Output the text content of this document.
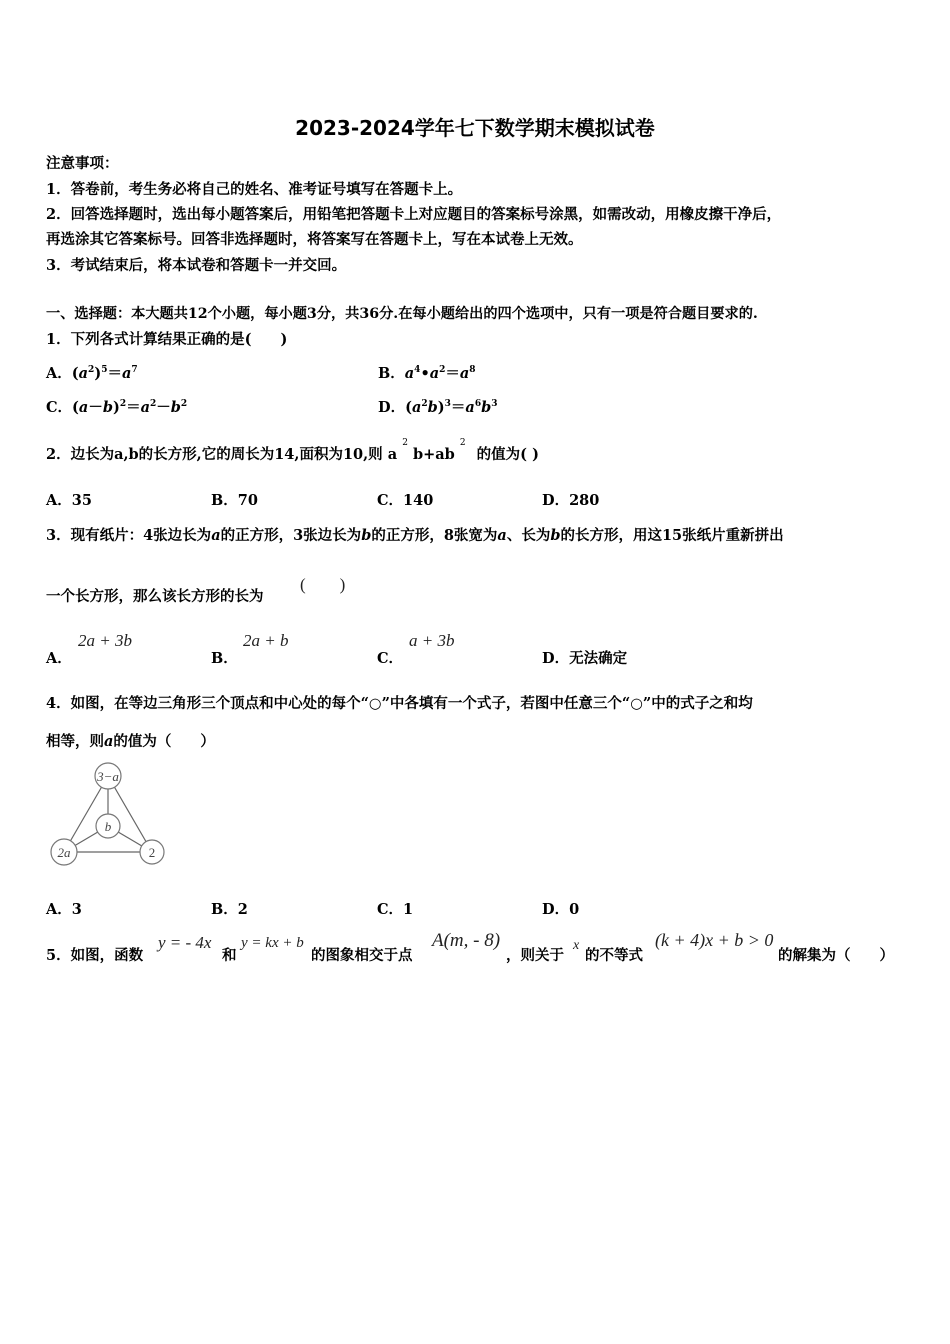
2023-2024学年七下数学期末模拟试卷
注意事项：
1．答卷前，考生务必将自己的姓名、准考证号填写在答题卡上。
2．回答选择题时，选出每小题答案后，用铅笔把答题卡上对应题目的答案标号涂黑，如需改动，用橡皮擦干净后，
再选涂其它答案标号。回答非选择题时，将答案写在答题卡上，写在本试卷上无效。
3．考试结束后，将本试卷和答题卡一并交回。
一、选择题：本大题共12个小题，每小题3分，共36分.在每小题给出的四个选项中，只有一项是符合题目要求的.
1．下列各式计算结果正确的是(　　)
A．$(a^2)^5=a^7$	B．$a^4•a^2=a^8$
C．$(a-b)^2=a^2-b^2$	D．$(a^2b)^3=a^6b^3$
2．边长为a,b的长方形,它的周长为14,面积为10,则 a $^2$ b+ab $^2$ 的值为( )
A．35	B．70	C．140	D．280
3．现有纸片：4张边长为a的正方形，3张边长为b的正方形，8张宽为a、长为b的长方形，用这15张纸片重新拼出
一个长方形，那么该长方形的长为
(　　)
A．
2a + 3b
B．
2a + b
C．
a + 3b
D．无法确定
4．如图，在等边三角形三个顶点和中心处的每个“○”中各填有一个式子，若图中任意三个“○”中的式子之和均
相等，则a的值为（　　）
3−a
b
2a	2
A．3	B．2	C．1	D．0
5．如图，函数
y = - 4x
和
y = kx + b
的图象相交于点
A(m, - 8)
，则关于
x
的不等式
(k + 4)x + b > 0
的解集为（　　）
